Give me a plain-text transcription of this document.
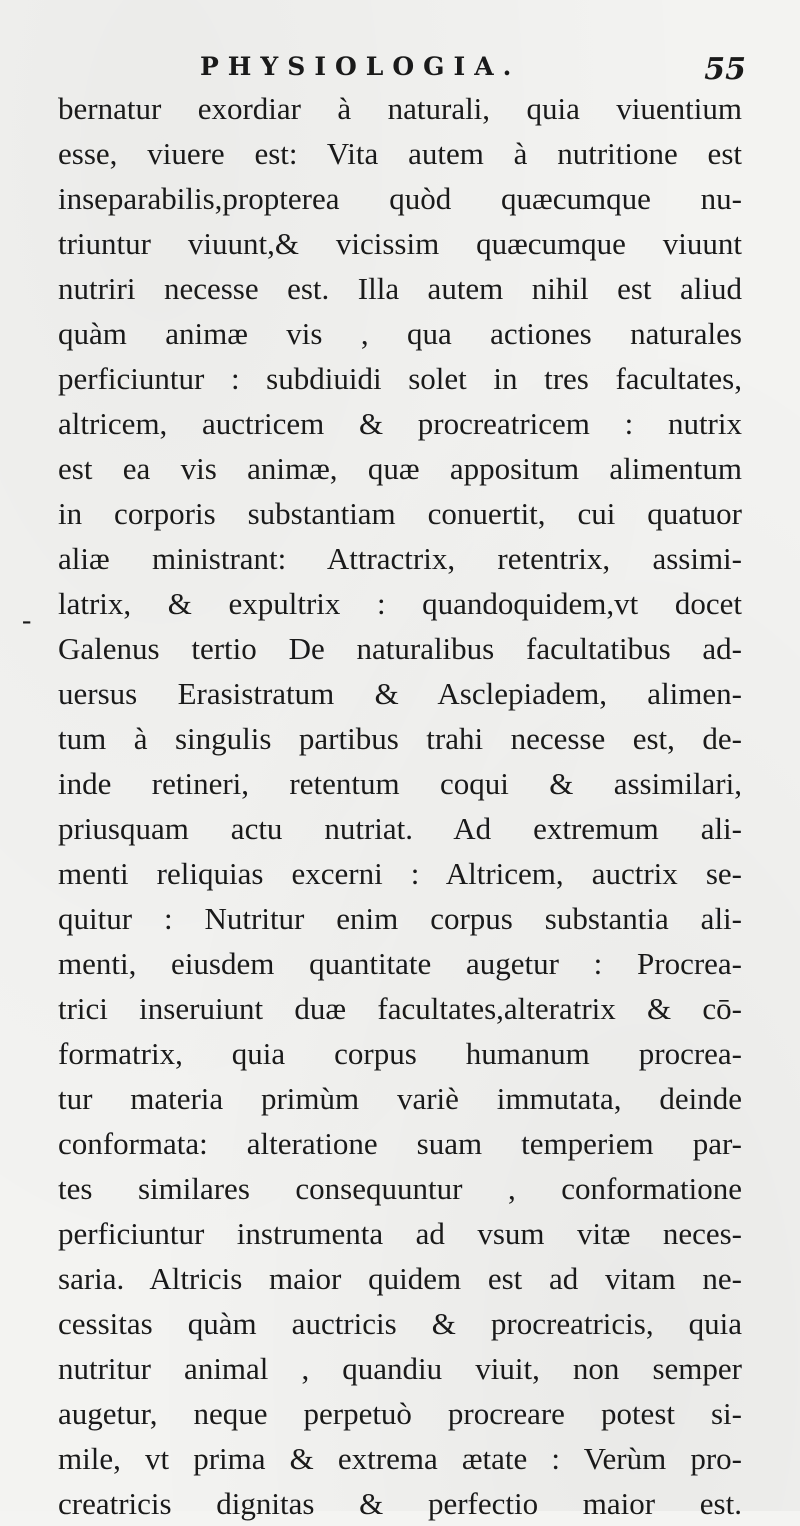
PHYSIOLOGIA.	55
-
bernatur exordiar à naturali, quia viuentium
esse, viuere est: Vita autem à nutritione est
inseparabilis,propterea quòd quæcumque nu-
triuntur viuunt,& vicissim quæcumque viuunt
nutriri necesse est. Illa autem nihil est aliud
quàm animæ vis , qua actiones naturales
perficiuntur : subdiuidi solet in tres facultates,
altricem, auctricem & procreatricem : nutrix
est ea vis animæ, quæ appositum alimentum
in corporis substantiam conuertit, cui quatuor
aliæ ministrant: Attractrix, retentrix, assimi-
latrix, & expultrix : quandoquidem,vt docet
Galenus tertio De naturalibus facultatibus ad-
uersus Erasistratum & Asclepiadem, alimen-
tum à singulis partibus trahi necesse est, de-
inde retineri, retentum coqui & assimilari,
priusquam actu nutriat. Ad extremum ali-
menti reliquias excerni : Altricem, auctrix se-
quitur : Nutritur enim corpus substantia ali-
menti, eiusdem quantitate augetur : Procrea-
trici inseruiunt duæ facultates,alteratrix & cō-
formatrix, quia corpus humanum procrea-
tur materia primùm variè immutata, deinde
conformata: alteratione suam temperiem par-
tes similares consequuntur , conformatione
perficiuntur instrumenta ad vsum vitæ neces-
saria. Altricis maior quidem est ad vitam ne-
cessitas quàm auctricis & procreatricis, quia
nutritur animal , quandiu viuit, non semper
augetur, neque perpetuò procreare potest si-
mile, vt prima & extrema ætate : Verùm pro-
creatricis dignitas & perfectio maior est.
